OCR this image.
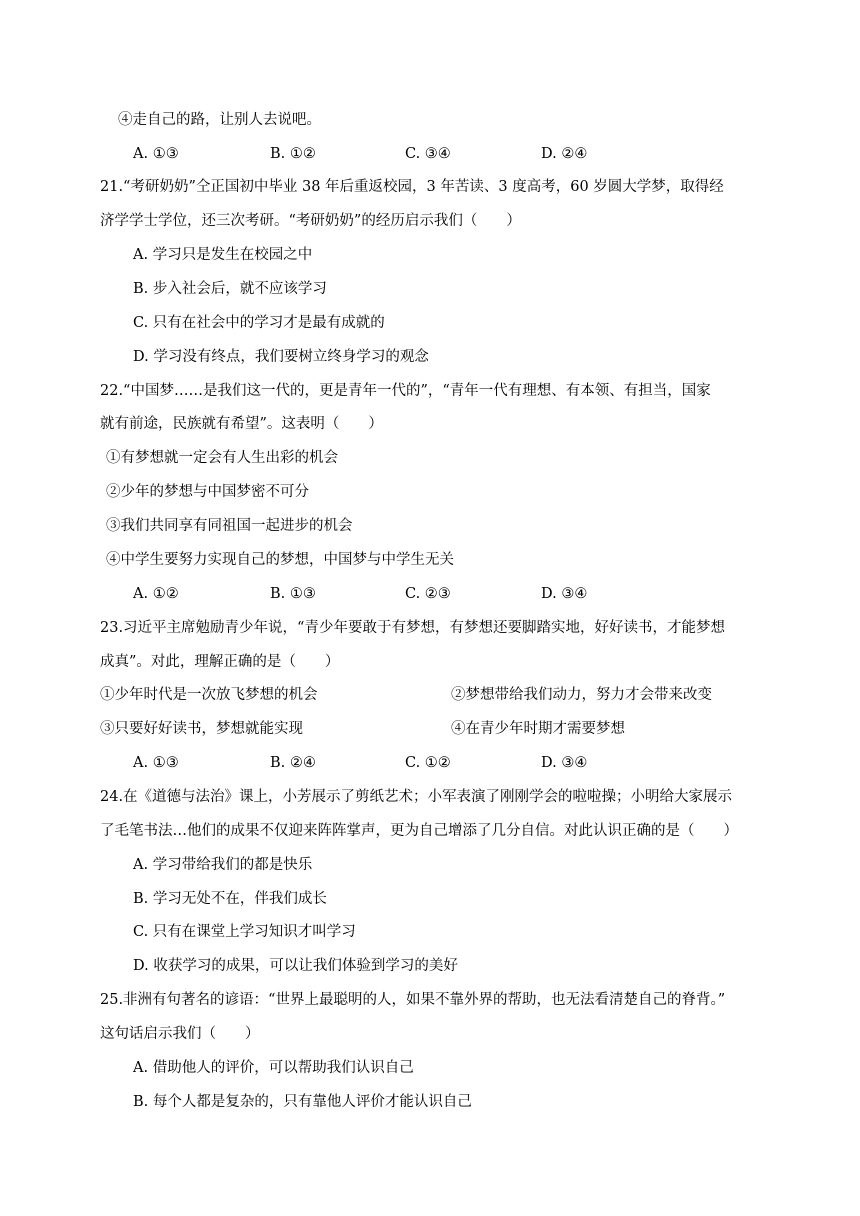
④走自己的路，让别人去说吧。
A. ①③	B. ①②	C. ③④	D. ②④
21.“考研奶奶”仝正国初中毕业 38 年后重返校园，3 年苦读、3 度高考，60 岁圆大学梦，取得经
济学学士学位，还三次考研。“考研奶奶”的经历启示我们（　　）
A. 学习只是发生在校园之中
B. 步入社会后，就不应该学习
C. 只有在社会中的学习才是最有成就的
D. 学习没有终点，我们要树立终身学习的观念
22.“中国梦……是我们这一代的，更是青年一代的”，“青年一代有理想、有本领、有担当，国家
就有前途，民族就有希望”。这表明（　　）
①有梦想就一定会有人生出彩的机会
②少年的梦想与中国梦密不可分
③我们共同享有同祖国一起进步的机会
④中学生要努力实现自己的梦想，中国梦与中学生无关
A. ①②	B. ①③	C. ②③	D. ③④
23.习近平主席勉励青少年说，“青少年要敢于有梦想，有梦想还要脚踏实地，好好读书，才能梦想
成真”。对此，理解正确的是（　　）
①少年时代是一次放飞梦想的机会	②梦想带给我们动力，努力才会带来改变
③只要好好读书，梦想就能实现	④在青少年时期才需要梦想
A. ①③	B. ②④	C. ①②	D. ③④
24.在《道德与法治》课上，小芳展示了剪纸艺术；小军表演了刚刚学会的啦啦操；小明给大家展示
了毛笔书法…他们的成果不仅迎来阵阵掌声，更为自己增添了几分自信。对此认识正确的是（　　）
A. 学习带给我们的都是快乐
B. 学习无处不在，伴我们成长
C. 只有在课堂上学习知识才叫学习
D. 收获学习的成果，可以让我们体验到学习的美好
25.非洲有句著名的谚语：“世界上最聪明的人，如果不靠外界的帮助，也无法看清楚自己的脊背。”
这句话启示我们（　　）
A. 借助他人的评价，可以帮助我们认识自己
B. 每个人都是复杂的，只有靠他人评价才能认识自己
